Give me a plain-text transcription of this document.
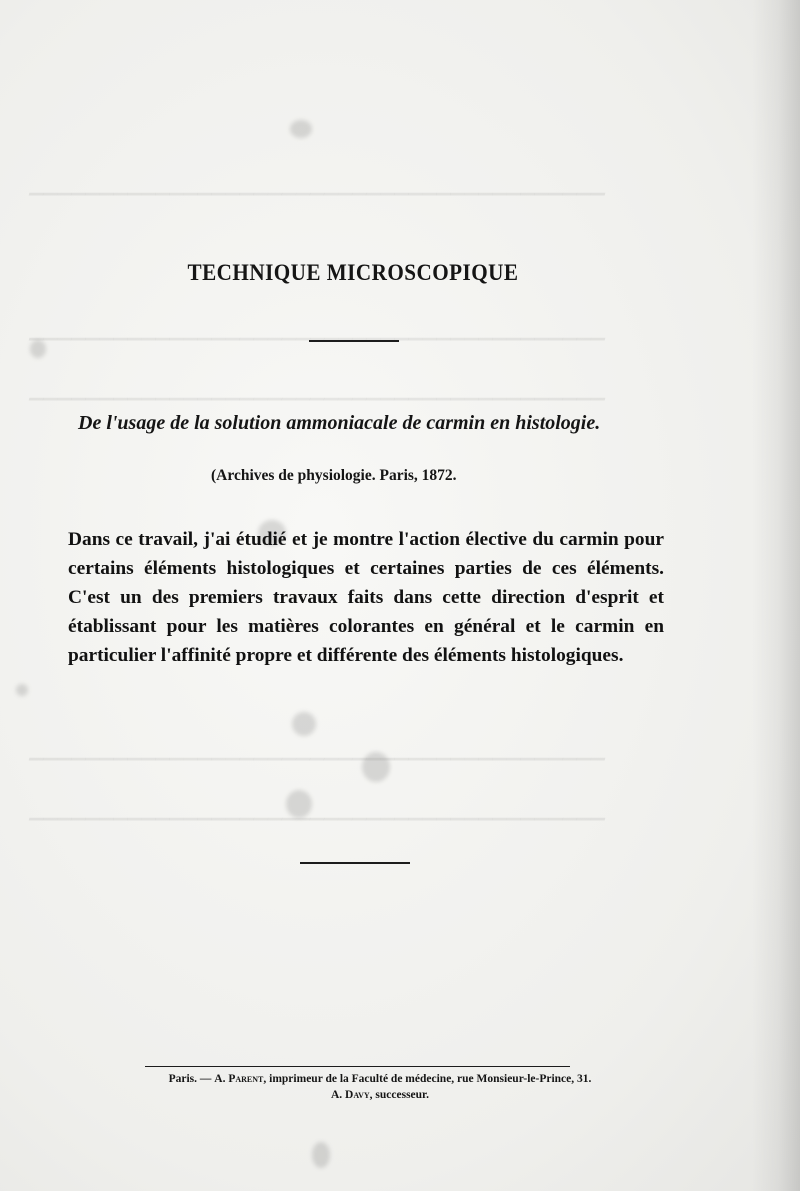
▁▁▁▁▁▁▁▁▁▁▁▁▁▁▁▁▁▁▁▁▁▁▁▁▁▁▁▁▁▁▁▁▁▁▁▁▁▁▁▁▁
▁▁▁▁▁▁▁▁▁▁▁▁▁▁▁▁▁▁▁▁▁▁▁▁▁▁▁▁▁▁▁▁▁▁▁▁▁▁▁▁▁
▁▁▁▁▁▁▁▁▁▁▁▁▁▁▁▁▁▁▁▁▁▁▁▁▁▁▁▁▁▁▁▁▁▁▁▁▁▁▁▁▁
▁▁▁▁▁▁▁▁▁▁▁▁▁▁▁▁▁▁▁▁▁▁▁▁▁▁▁▁▁▁▁▁▁▁▁▁▁▁▁▁▁
▁▁▁▁▁▁▁▁▁▁▁▁▁▁▁▁▁▁▁▁▁▁▁▁▁▁▁▁▁▁▁▁▁▁▁▁▁▁▁▁▁
TECHNIQUE MICROSCOPIQUE
De l'usage de la solution ammoniacale de carmin en histologie.
(Archives de physiologie. Paris, 1872.
Dans ce travail, j'ai étudié et je montre l'action élective du carmin pour certains éléments histologiques et certaines parties de ces éléments. C'est un des premiers travaux faits dans cette direction d'esprit et établissant pour les matières colorantes en général et le carmin en particulier l'affinité propre et différente des éléments histologiques.
Paris. — A. Parent, imprimeur de la Faculté de médecine, rue Monsieur-le-Prince, 31.
A. Davy, successeur.
